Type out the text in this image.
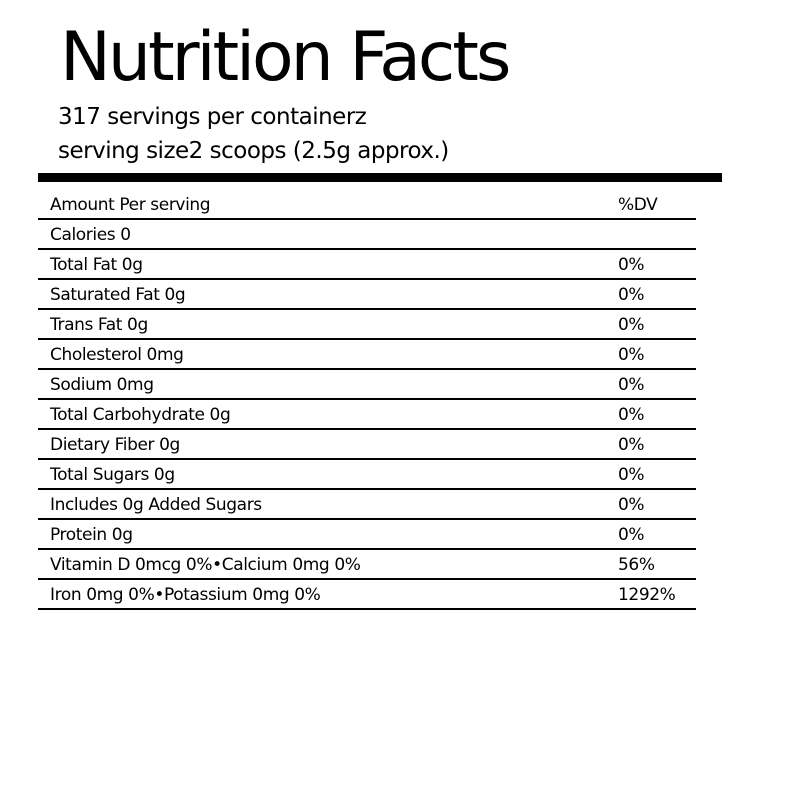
Nutrition Facts
317 servings per containerz
serving size2 scoops (2.5g approx.)
Amount Per serving	%DV
Calories 0
Total Fat 0g	0%
Saturated Fat 0g	0%
Trans Fat 0g	0%
Cholesterol 0mg	0%
Sodium 0mg	0%
Total Carbohydrate 0g	0%
Dietary Fiber 0g	0%
Total Sugars 0g	0%
Includes 0g Added Sugars	0%
Protein 0g	0%
Vitamin D 0mcg 0%•Calcium 0mg 0%	56%
Iron 0mg 0%•Potassium 0mg 0%	1292%
